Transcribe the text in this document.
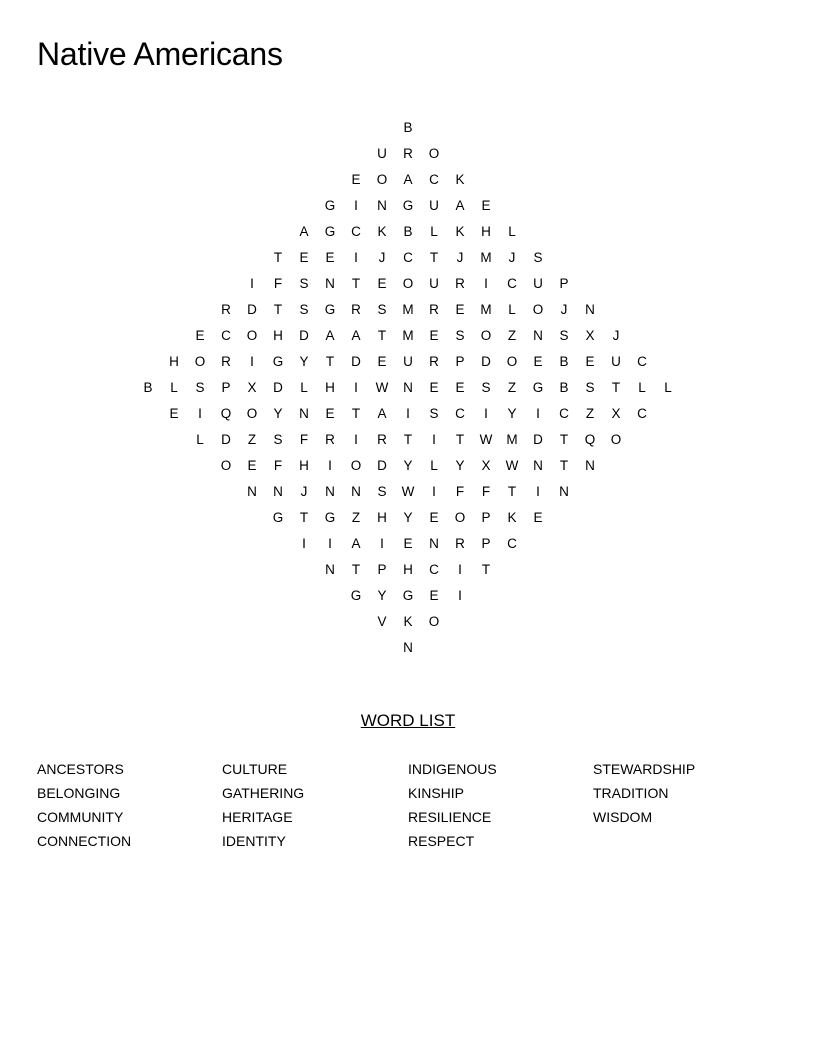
Native Americans
B
U	R	O
E	O	A	C	K
G	I	N	G	U	A	E
A	G	C	K	B	L	K	H	L
T	E	E	I	J	C	T	J	M	J	S
I	F	S	N	T	E	O	U	R	I	C	U	P
R	D	T	S	G	R	S	M	R	E	M	L	O	J	N
E	C	O	H	D	A	A	T	M	E	S	O	Z	N	S	X	J
H	O	R	I	G	Y	T	D	E	U	R	P	D	O	E	B	E	U	C
B	L	S	P	X	D	L	H	I	W	N	E	E	S	Z	G	B	S	T	L	L
E	I	Q	O	Y	N	E	T	A	I	S	C	I	Y	I	C	Z	X	C
L	D	Z	S	F	R	I	R	T	I	T	W	M	D	T	Q	O
O	E	F	H	I	O	D	Y	L	Y	X	W	N	T	N
N	N	J	N	N	S	W	I	F	F	T	I	N
G	T	G	Z	H	Y	E	O	P	K	E
I	I	A	I	E	N	R	P	C
N	T	P	H	C	I	T
G	Y	G	E	I
V	K	O
N
WORD LIST
ANCESTORS
BELONGING
COMMUNITY
CONNECTION
CULTURE
GATHERING
HERITAGE
IDENTITY
INDIGENOUS
KINSHIP
RESILIENCE
RESPECT
STEWARDSHIP
TRADITION
WISDOM
